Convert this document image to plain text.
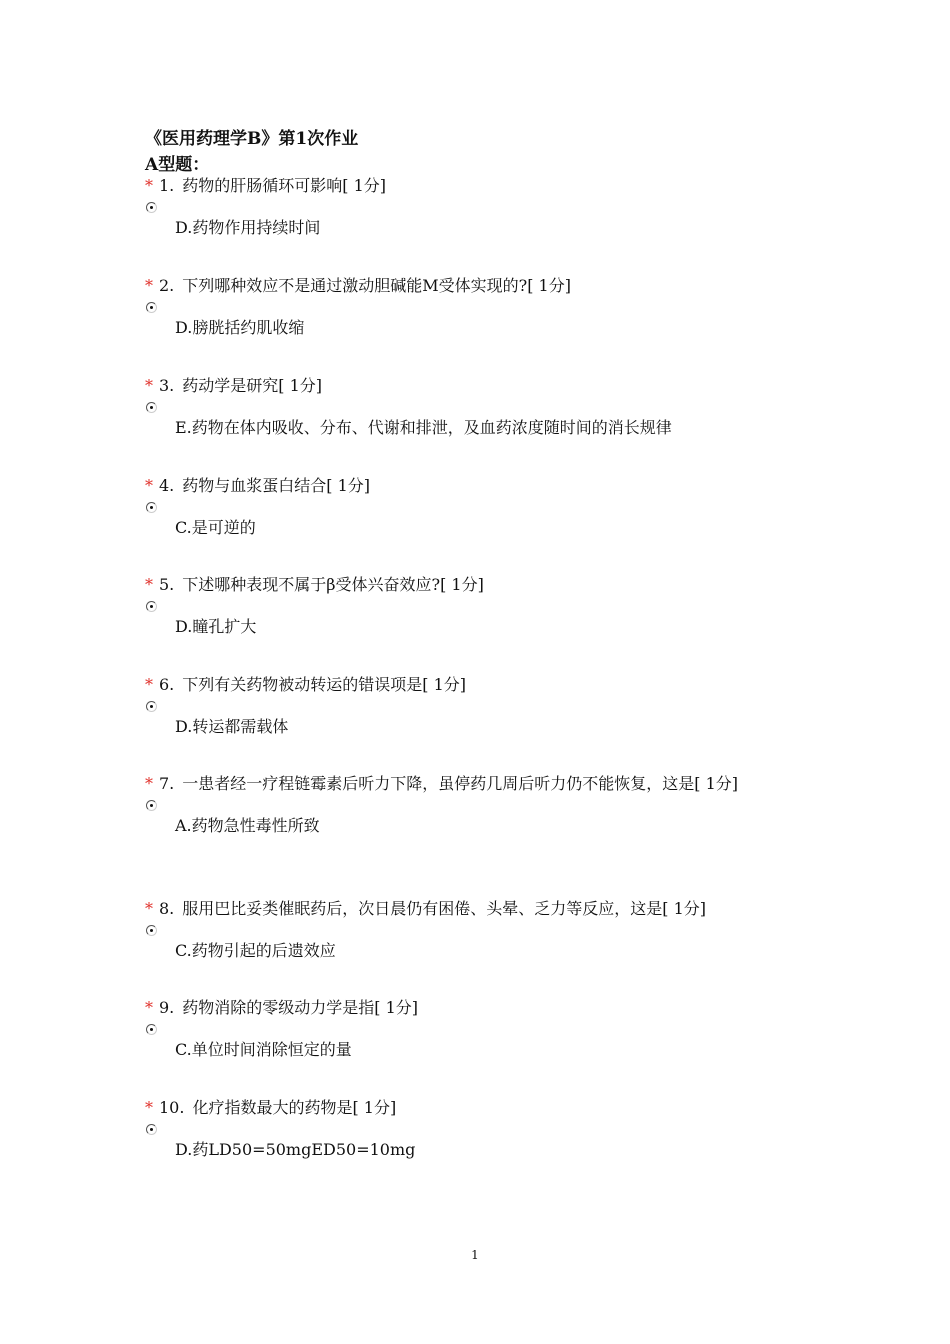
《医用药理学B》第1次作业
A型题：
* 1. 药物的肝肠循环可影响[ 1分]
D.药物作用持续时间
* 2. 下列哪种效应不是通过激动胆碱能M受体实现的?[ 1分]
D.膀胱括约肌收缩
* 3. 药动学是研究[ 1分]
E.药物在体内吸收、分布、代谢和排泄，及血药浓度随时间的消长规律
* 4. 药物与血浆蛋白结合[ 1分]
C.是可逆的
* 5. 下述哪种表现不属于β受体兴奋效应?[ 1分]
D.瞳孔扩大
* 6. 下列有关药物被动转运的错误项是[ 1分]
D.转运都需载体
* 7. 一患者经一疗程链霉素后听力下降，虽停药几周后听力仍不能恢复，这是[ 1分]
A.药物急性毒性所致
* 8. 服用巴比妥类催眠药后，次日晨仍有困倦、头晕、乏力等反应，这是[ 1分]
C.药物引起的后遗效应
* 9. 药物消除的零级动力学是指[ 1分]
C.单位时间消除恒定的量
* 10. 化疗指数最大的药物是[ 1分]
D.药LD50=50mgED50=10mg
1
